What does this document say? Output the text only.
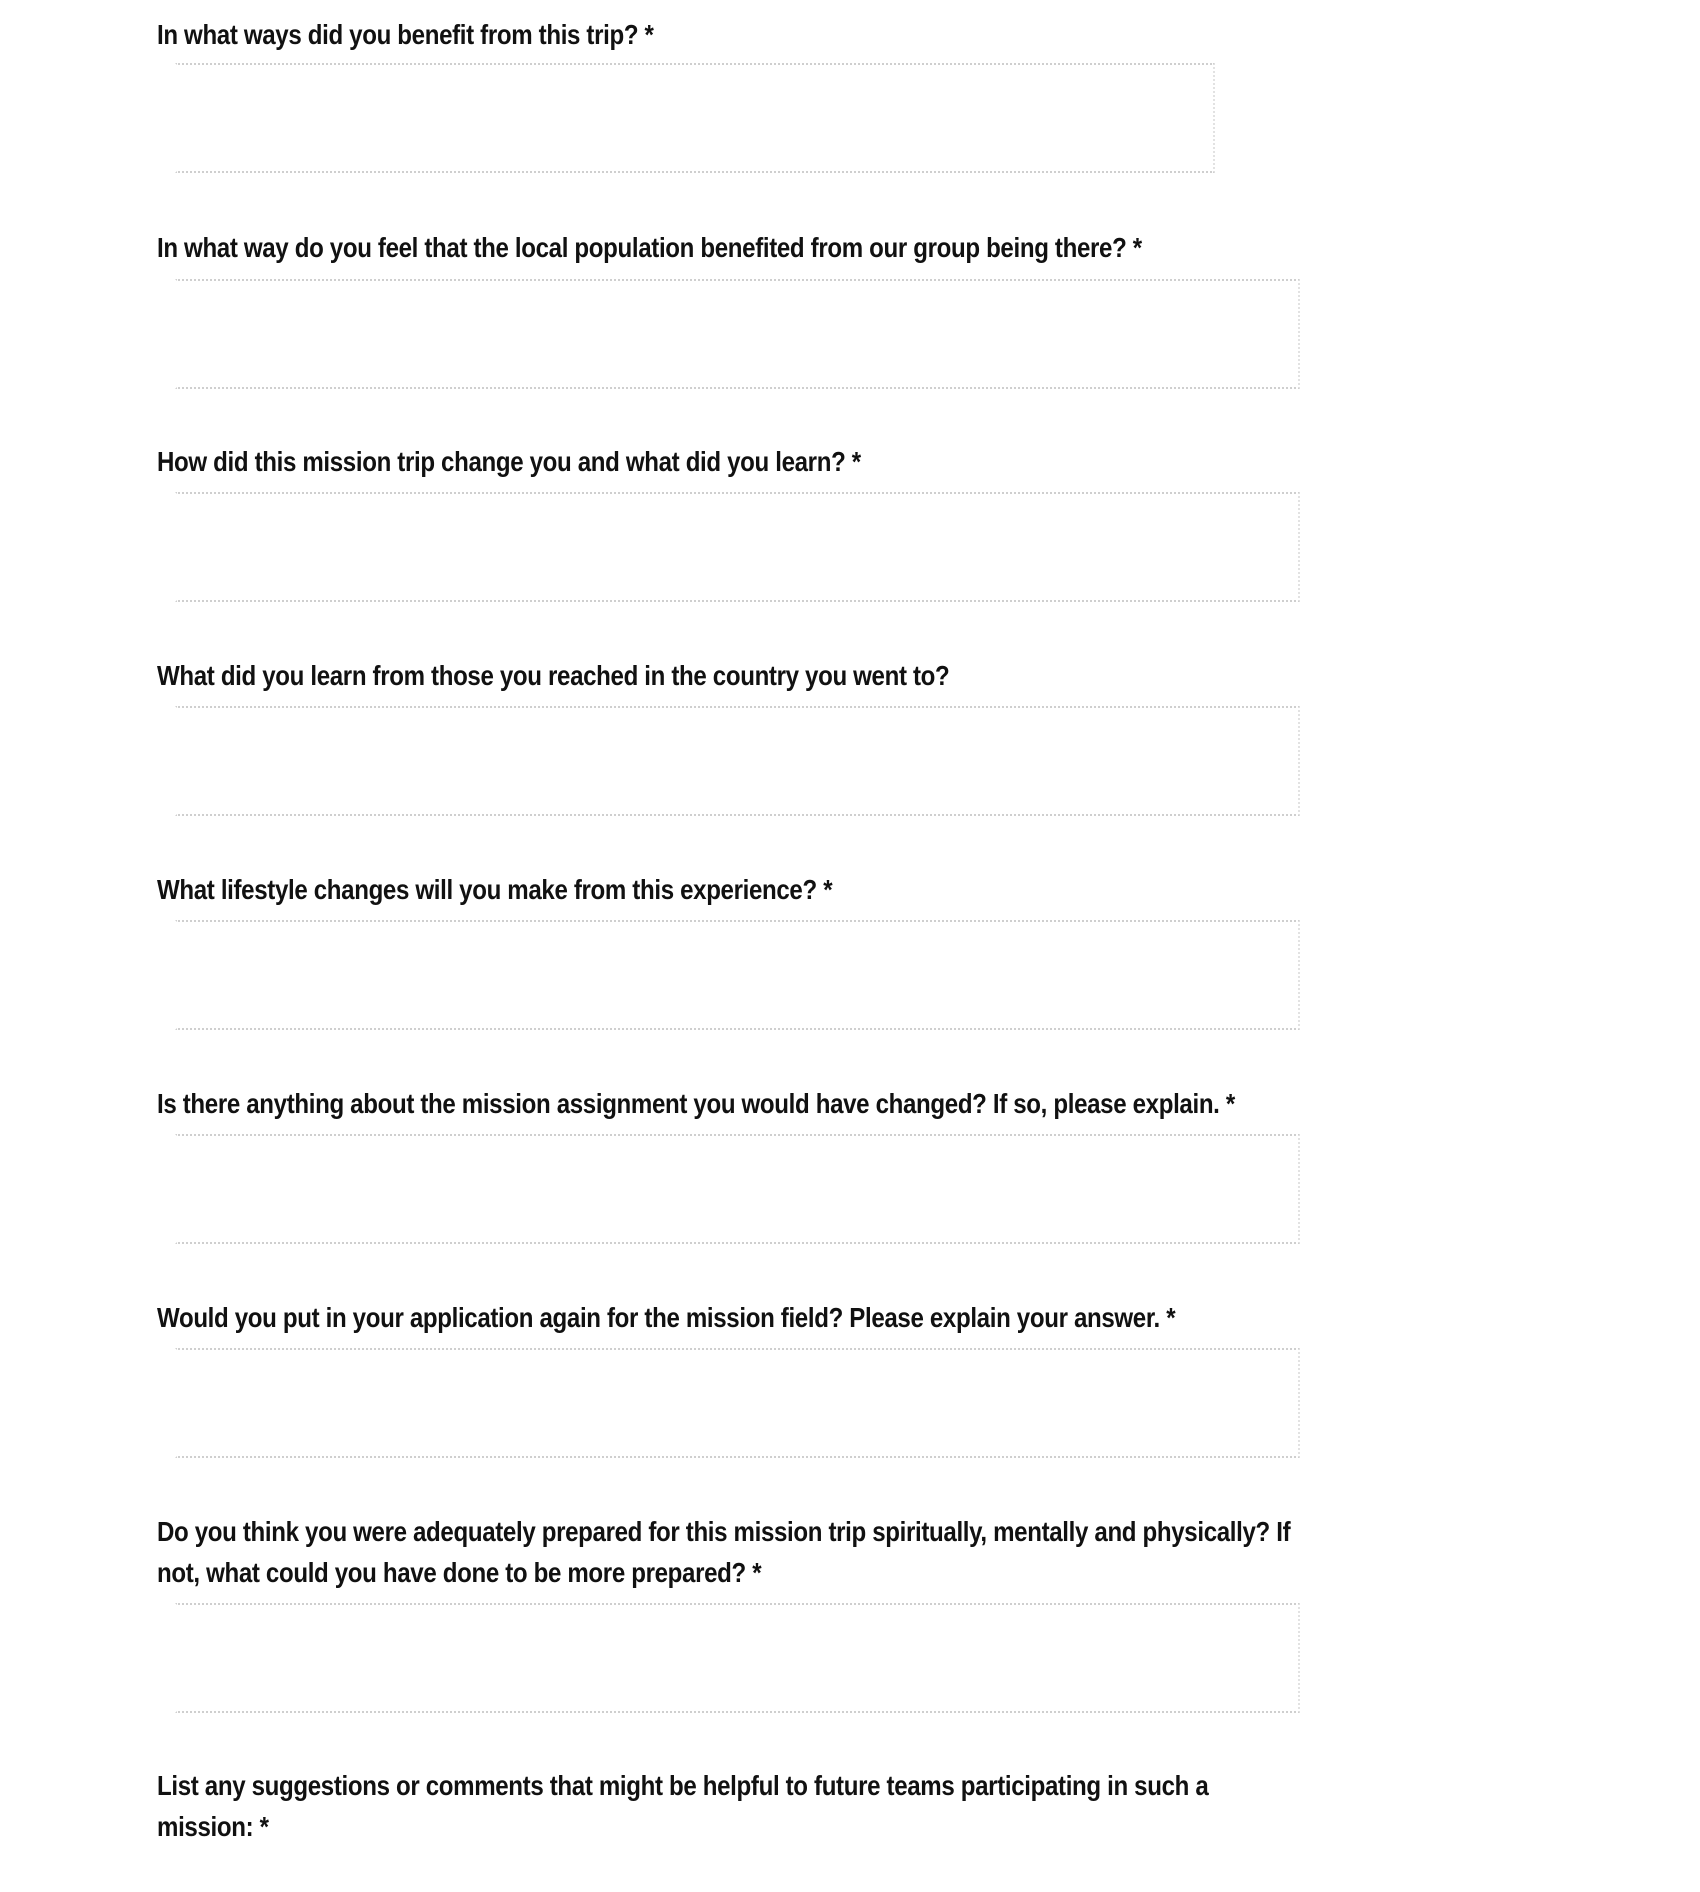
In what ways did you benefit from this trip? *
In what way do you feel that the local population benefited from our group being there? *
How did this mission trip change you and what did you learn? *
What did you learn from those you reached in the country you went to?
What lifestyle changes will you make from this experience? *
Is there anything about the mission assignment you would have changed? If so, please explain. *
Would you put in your application again for the mission field? Please explain your answer. *
Do you think you were adequately prepared for this mission trip spiritually, mentally and physically? If not, what could you have done to be more prepared? *
List any suggestions or comments that might be helpful to future teams participating in such a mission: *
